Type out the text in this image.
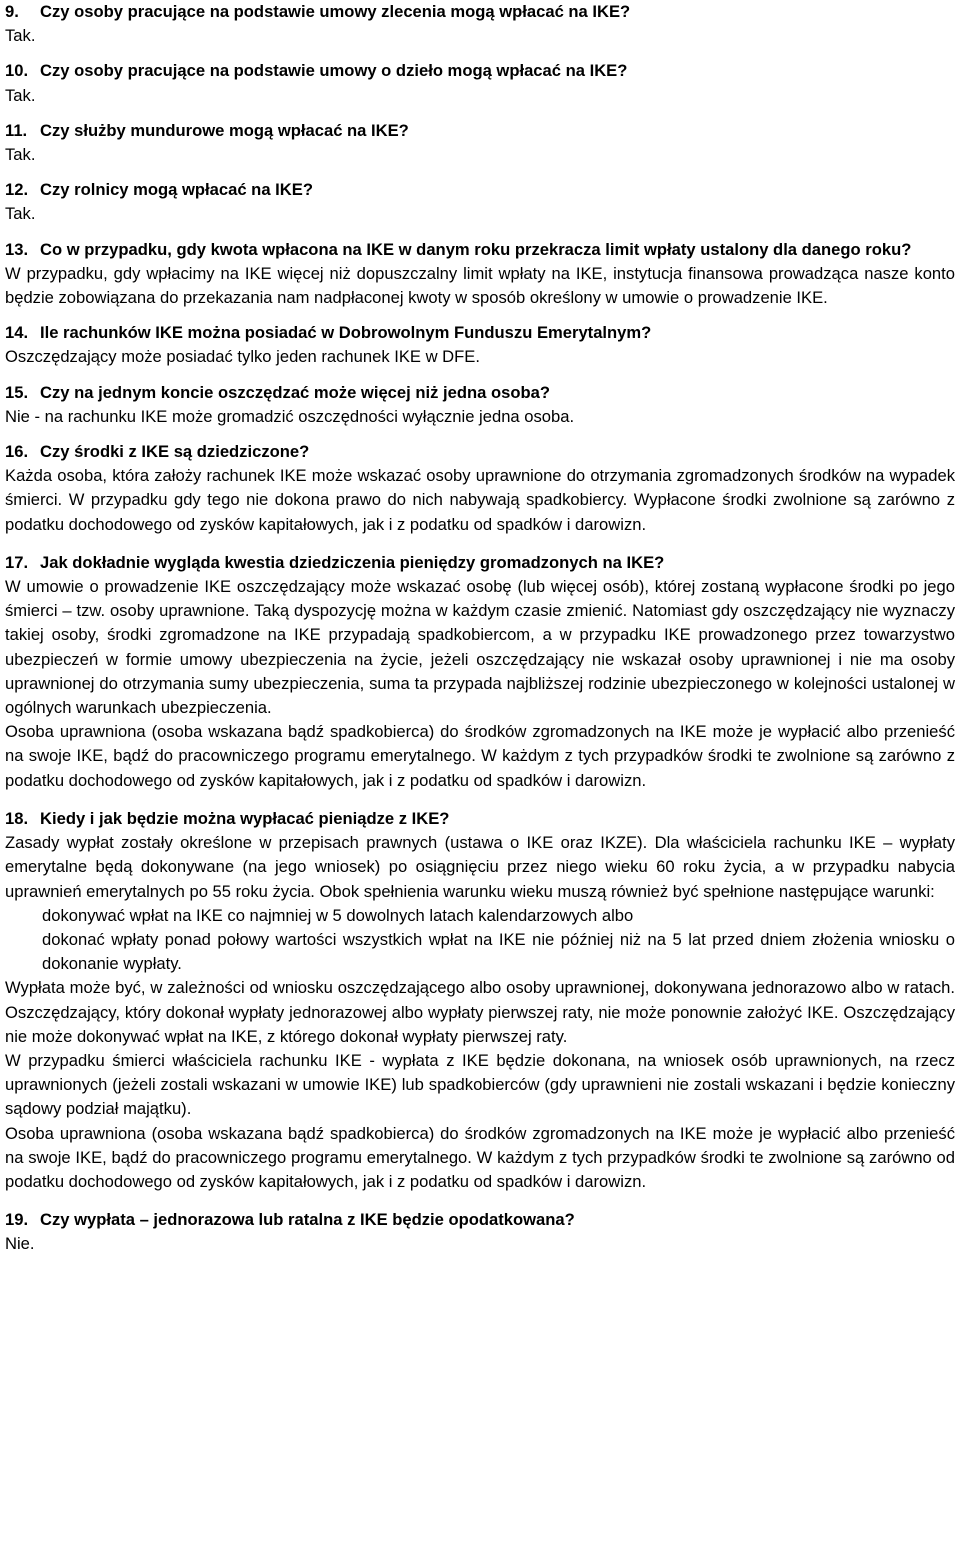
9.	Czy osoby pracujące na podstawie umowy zlecenia mogą wpłacać na IKE?

Tak.

10. Czy osoby pracujące na podstawie umowy o dzieło mogą wpłacać na IKE?

Tak.

11. Czy służby mundurowe mogą wpłacać na IKE?

Tak.

12. Czy rolnicy mogą wpłacać na IKE?

Tak.

13. Co w przypadku, gdy kwota wpłacona na IKE w danym roku przekracza limit wpłaty ustalony dla danego roku?

W przypadku, gdy wpłacimy na IKE więcej niż dopuszczalny limit wpłaty na IKE, instytucja finansowa prowadząca nasze konto będzie zobowiązana do przekazania nam nadpłaconej kwoty w sposób określony w umowie o prowadzenie IKE.

14. Ile rachunków IKE można posiadać w Dobrowolnym Funduszu Emerytalnym?

Oszczędzający może posiadać tylko jeden rachunek IKE w DFE.

15. Czy na jednym koncie oszczędzać może więcej niż jedna osoba?

Nie - na rachunku IKE może gromadzić oszczędności wyłącznie jedna osoba.

16. Czy środki z IKE są dziedziczone?

Każda osoba, która założy rachunek IKE może wskazać osoby uprawnione do otrzymania zgromadzonych środków na wypadek śmierci. W przypadku gdy tego nie dokona prawo do nich nabywają spadkobiercy. Wypłacone środki zwolnione są zarówno z podatku dochodowego od zysków kapitałowych, jak i z podatku od spadków i darowizn.

17. Jak dokładnie wygląda kwestia dziedziczenia pieniędzy gromadzonych na IKE?

W umowie o prowadzenie IKE oszczędzający może wskazać osobę (lub więcej osób), której zostaną wypłacone środki po jego śmierci – tzw. osoby uprawnione. Taką dyspozycję można w każdym czasie zmienić. Natomiast gdy oszczędzający nie wyznaczy takiej osoby, środki zgromadzone na IKE przypadają spadkobiercom, a w przypadku IKE prowadzonego przez towarzystwo ubezpieczeń w formie umowy ubezpieczenia na życie, jeżeli oszczędzający nie wskazał osoby uprawnionej i nie ma osoby uprawnionej do otrzymania sumy ubezpieczenia, suma ta przypada najbliższej rodzinie ubezpieczonego w kolejności ustalonej w ogólnych warunkach ubezpieczenia.

Osoba uprawniona (osoba wskazana bądź spadkobierca) do środków zgromadzonych na IKE może je wypłacić albo przenieść na swoje IKE, bądź do pracowniczego programu emerytalnego. W każdym z tych przypadków środki te zwolnione są zarówno z podatku dochodowego od zysków kapitałowych, jak i z podatku od spadków i darowizn.

18. Kiedy i jak będzie można wypłacać pieniądze z IKE?

Zasady wypłat zostały określone w przepisach prawnych (ustawa o IKE oraz IKZE). Dla właściciela rachunku IKE – wypłaty emerytalne będą dokonywane (na jego wniosek) po osiągnięciu przez niego wieku 60 roku życia, a w przypadku nabycia uprawnień emerytalnych po 55 roku życia. Obok spełnienia warunku wieku muszą również być spełnione następujące warunki:

dokonywać wpłat na IKE co najmniej w 5 dowolnych latach kalendarzowych albo

dokonać wpłaty ponad połowy wartości wszystkich wpłat na IKE nie później niż na 5 lat przed dniem złożenia wniosku o dokonanie wypłaty.

Wypłata może być, w zależności od wniosku oszczędzającego albo osoby uprawnionej, dokonywana jednorazowo albo w ratach. Oszczędzający, który dokonał wypłaty jednorazowej albo wypłaty pierwszej raty, nie może ponownie założyć IKE. Oszczędzający nie może dokonywać wpłat na IKE, z którego dokonał wypłaty pierwszej raty.

W przypadku śmierci właściciela rachunku IKE - wypłata z IKE będzie dokonana, na wniosek osób uprawnionych, na rzecz uprawnionych (jeżeli zostali wskazani w umowie IKE) lub spadkobierców (gdy uprawnieni nie zostali wskazani i będzie konieczny sądowy podział majątku).

Osoba uprawniona (osoba wskazana bądź spadkobierca) do środków zgromadzonych na IKE może je wypłacić albo przenieść na swoje IKE, bądź do pracowniczego programu emerytalnego. W każdym z tych przypadków środki te zwolnione są zarówno od podatku dochodowego od zysków kapitałowych, jak i z podatku od spadków i darowizn.

19. Czy wypłata – jednorazowa lub ratalna z IKE będzie opodatkowana?

Nie.
